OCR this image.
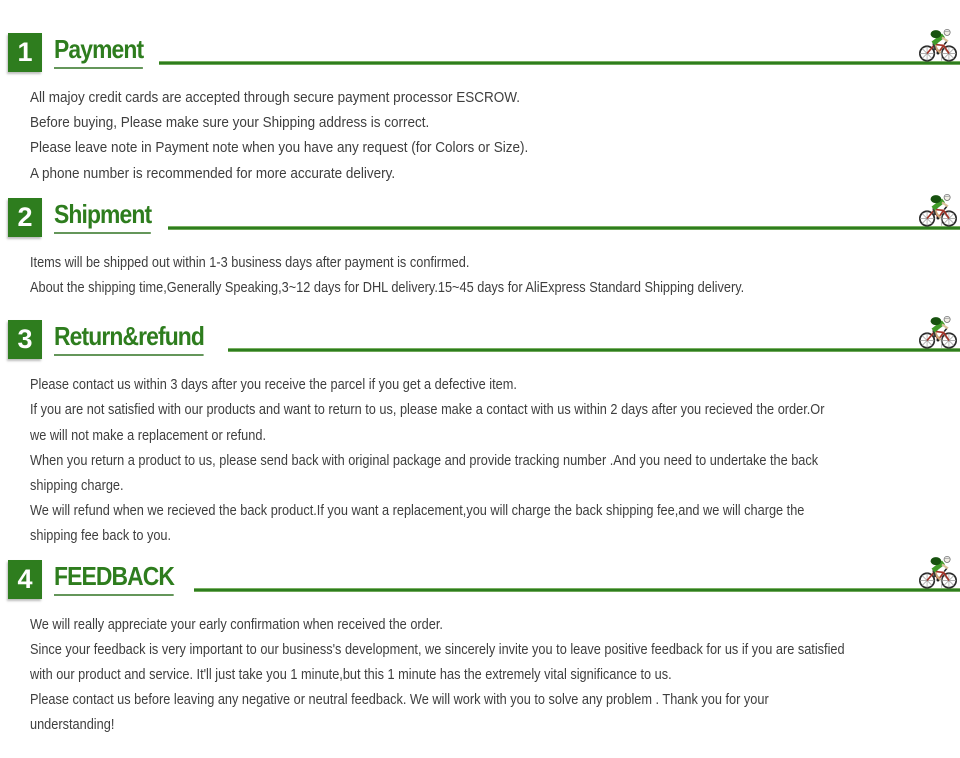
1 Payment
All majoy credit cards are accepted through secure payment processor ESCROW.
Before buying, Please make sure your Shipping address is correct.
Please leave note in Payment note when you have any request (for Colors or Size).
A phone number is recommended for more accurate delivery.
2 Shipment
Items will be shipped out within 1-3 business days after payment is confirmed.
About the shipping time,Generally Speaking,3~12 days for DHL delivery.15~45 days for AliExpress Standard Shipping delivery.
3 Return&refund
Please contact us within 3 days after you receive the parcel if you get a defective item.
If you are not satisfied with our products and want to return to us, please make a contact with us within 2 days after you recieved the order.Or
we will not make a replacement or refund.
When you return a product to us, please send back with original package and provide tracking number .And you need to undertake the back
shipping charge.
We will refund when we recieved the back product.If you want a replacement,you will charge the back shipping fee,and we will charge the
shipping fee back to you.
4 FEEDBACK
We will really appreciate your early confirmation when received the order.
Since your feedback is very important to our business's development, we sincerely invite you to leave positive feedback for us if you are satisfied
with our product and service. It'll just take you 1 minute,but this 1 minute has the extremely vital significance to us.
Please contact us before leaving any negative or neutral feedback. We will work with you to solve any problem . Thank you for your
understanding!
